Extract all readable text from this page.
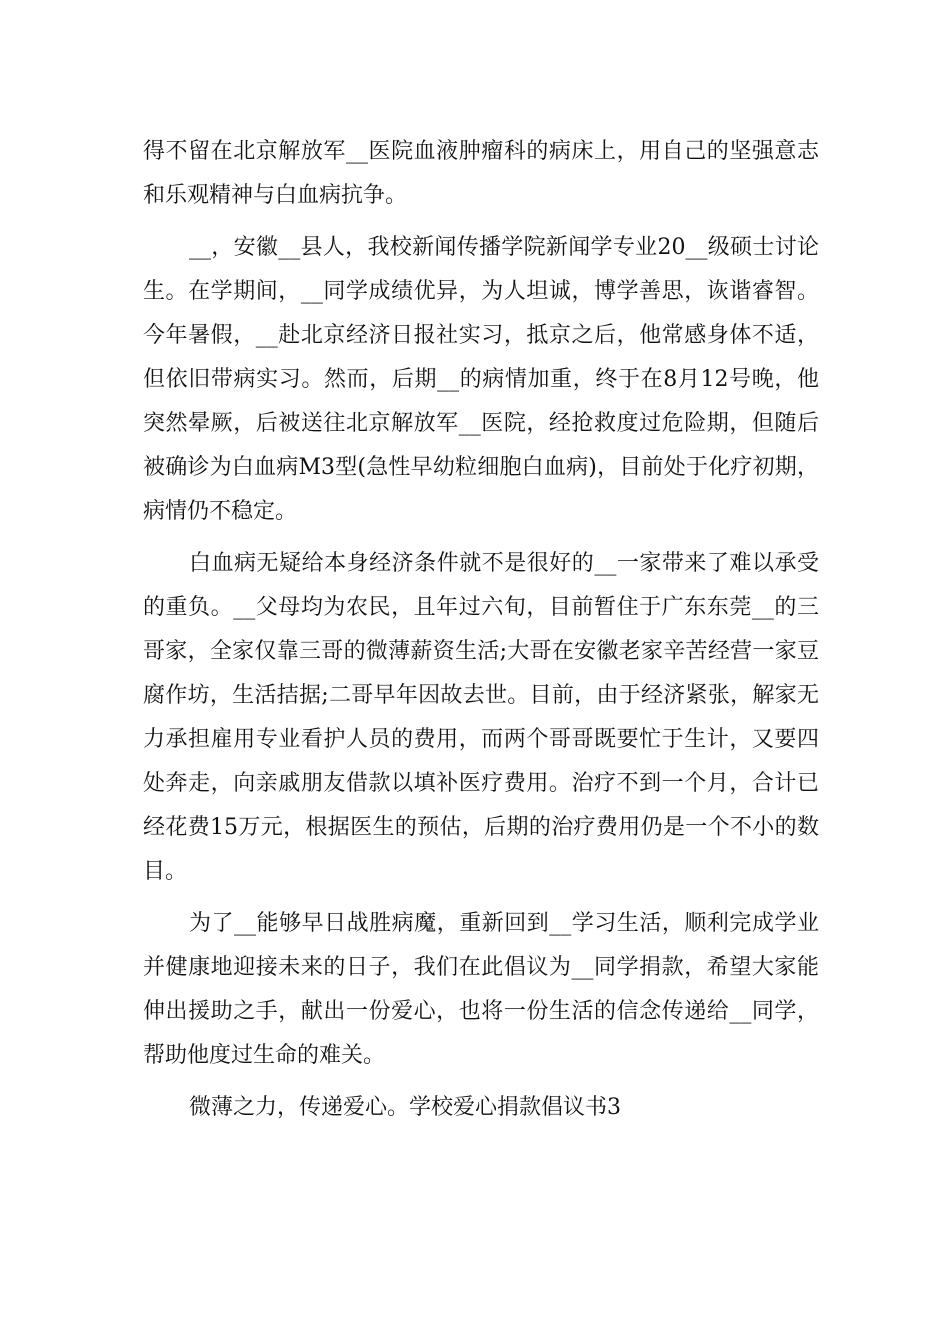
得不留在北京解放军__医院血液肿瘤科的病床上，用自己的坚强意志和乐观精神与白血病抗争。

__，安徽__县人，我校新闻传播学院新闻学专业20__级硕士讨论生。在学期间，__同学成绩优异，为人坦诚，博学善思，诙谐睿智。今年暑假，__赴北京经济日报社实习，抵京之后，他常感身体不适，但依旧带病实习。然而，后期__的病情加重，终于在8月12号晚，他突然晕厥，后被送往北京解放军__医院，经抢救度过危险期，但随后被确诊为白血病M3型(急性早幼粒细胞白血病)，目前处于化疗初期，病情仍不稳定。

白血病无疑给本身经济条件就不是很好的__一家带来了难以承受的重负。__父母均为农民，且年过六旬，目前暂住于广东东莞__的三哥家，全家仅靠三哥的微薄薪资生活;大哥在安徽老家辛苦经营一家豆腐作坊，生活拮据;二哥早年因故去世。目前，由于经济紧张，解家无力承担雇用专业看护人员的费用，而两个哥哥既要忙于生计，又要四处奔走，向亲戚朋友借款以填补医疗费用。治疗不到一个月，合计已经花费15万元，根据医生的预估，后期的治疗费用仍是一个不小的数目。

为了__能够早日战胜病魔，重新回到__学习生活，顺利完成学业并健康地迎接未来的日子，我们在此倡议为__同学捐款，希望大家能伸出援助之手，献出一份爱心，也将一份生活的信念传递给__同学，帮助他度过生命的难关。

微薄之力，传递爱心。学校爱心捐款倡议书3
